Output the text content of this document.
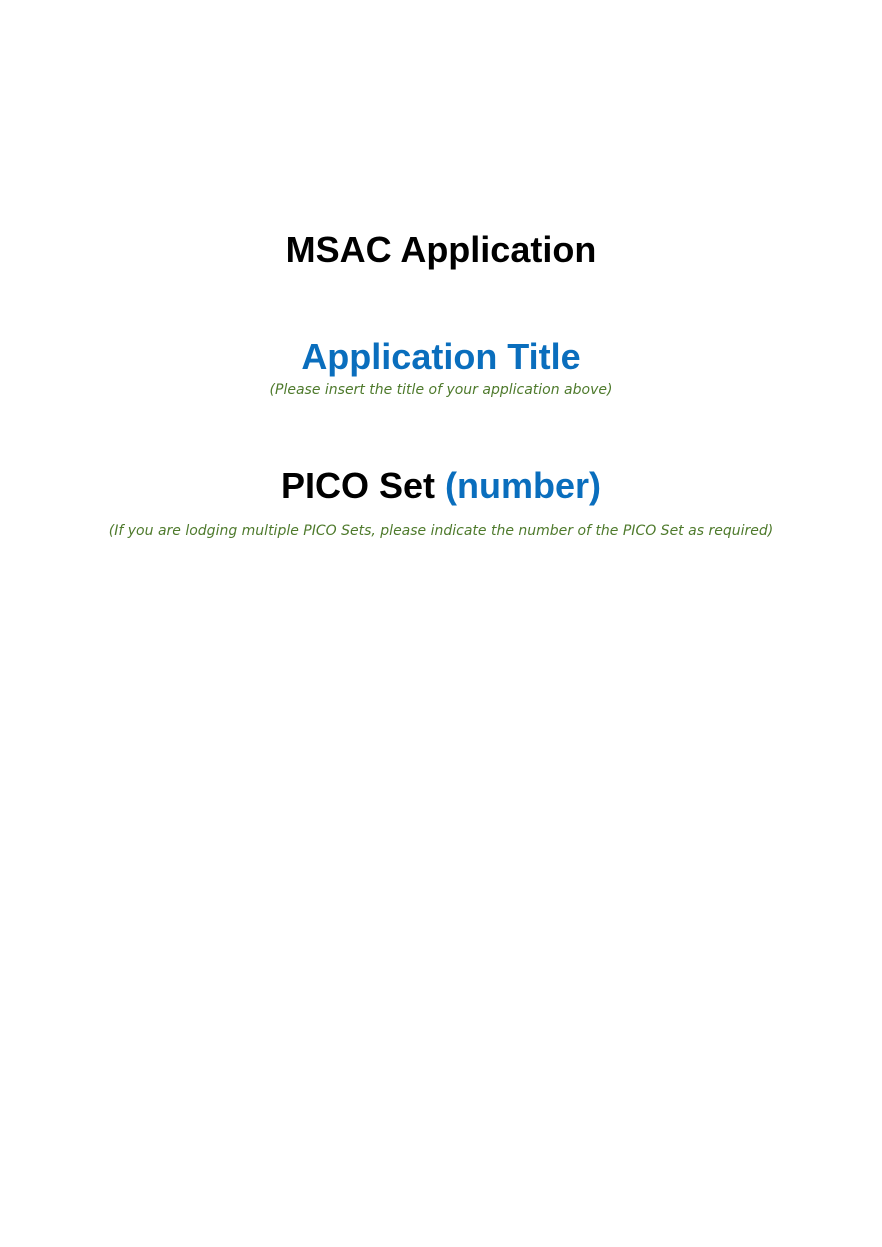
MSAC Application
Application Title
(Please insert the title of your application above)
PICO Set (number)
(If you are lodging multiple PICO Sets, please indicate the number of the PICO Set as required)
